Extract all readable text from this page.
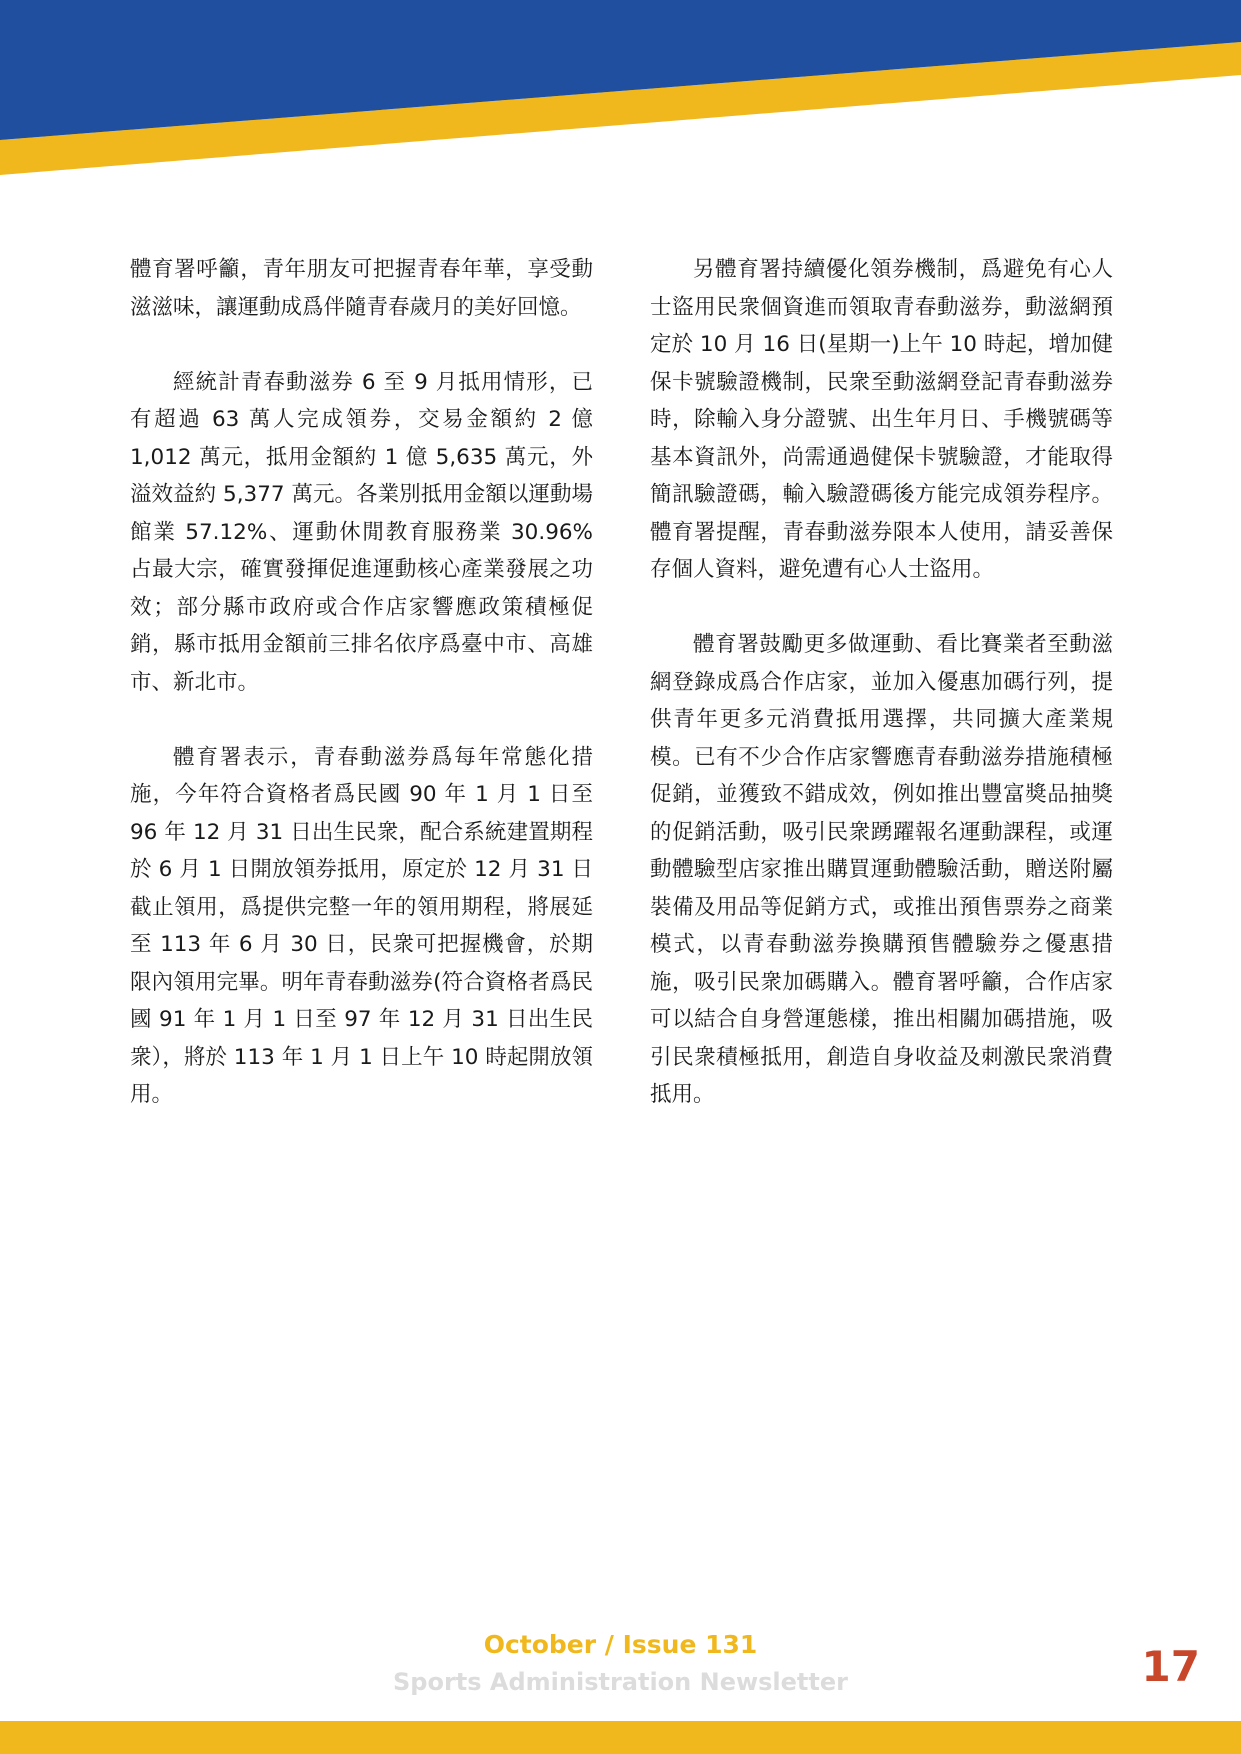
體育署呼籲，青年朋友可把握青春年華，享受動滋滋味，讓運動成爲伴隨青春歲月的美好回憶。

經統計青春動滋券 6 至 9 月抵用情形，已有超過 63 萬人完成領券，交易金額約 2 億 1,012 萬元，抵用金額約 1 億 5,635 萬元，外溢效益約 5,377 萬元。各業別抵用金額以運動場館業 57.12%、運動休閒教育服務業 30.96% 占最大宗，確實發揮促進運動核心產業發展之功效；部分縣市政府或合作店家響應政策積極促銷，縣市抵用金額前三排名依序爲臺中市、高雄市、新北市。

體育署表示，青春動滋券爲每年常態化措施，今年符合資格者爲民國 90 年 1 月 1 日至 96 年 12 月 31 日出生民衆，配合系統建置期程於 6 月 1 日開放領券抵用，原定於 12 月 31 日截止領用，爲提供完整一年的領用期程，將展延至 113 年 6 月 30 日，民衆可把握機會，於期限內領用完畢。明年青春動滋券(符合資格者爲民國 91 年 1 月 1 日至 97 年 12 月 31 日出生民衆），將於 113 年 1 月 1 日上午 10 時起開放領用。

另體育署持續優化領券機制，爲避免有心人士盜用民衆個資進而領取青春動滋券，動滋網預定於 10 月 16 日(星期一)上午 10 時起，增加健保卡號驗證機制，民衆至動滋網登記青春動滋券時，除輸入身分證號、出生年月日、手機號碼等基本資訊外，尚需通過健保卡號驗證，才能取得簡訊驗證碼，輸入驗證碼後方能完成領券程序。體育署提醒，青春動滋券限本人使用，請妥善保存個人資料，避免遭有心人士盜用。

體育署鼓勵更多做運動、看比賽業者至動滋網登錄成爲合作店家，並加入優惠加碼行列，提供青年更多元消費抵用選擇，共同擴大產業規模。已有不少合作店家響應青春動滋券措施積極促銷，並獲致不錯成效，例如推出豐富獎品抽獎的促銷活動，吸引民衆踴躍報名運動課程，或運動體驗型店家推出購買運動體驗活動，贈送附屬裝備及用品等促銷方式，或推出預售票券之商業模式，以青春動滋券換購預售體驗券之優惠措施，吸引民衆加碼購入。體育署呼籲，合作店家可以結合自身營運態樣，推出相關加碼措施，吸引民衆積極抵用，創造自身收益及刺激民衆消費抵用。

October / Issue 131
Sports Administration Newsletter	17
